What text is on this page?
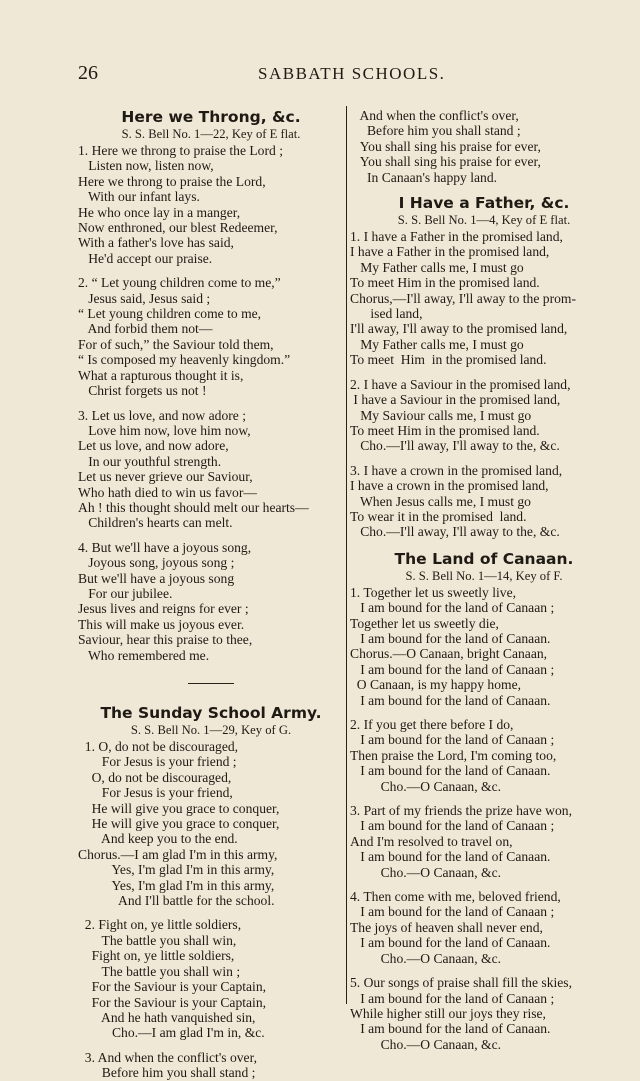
26	SABBATH SCHOOLS.

Here we Throng, &c.

S. S. Bell No. 1—22, Key of E flat.

1. Here we throng to praise the Lord ;
Listen now, listen now,
Here we throng to praise the Lord,
With our infant lays.
He who once lay in a manger,
Now enthroned, our blest Redeemer,
With a father's love has said,
He'd accept our praise.
2. “ Let young children come to me,”
Jesus said, Jesus said ;
“ Let young children come to me,
And forbid them not—
For of such,” the Saviour told them,
“ Is composed my heavenly kingdom.”
What a rapturous thought it is,
Christ forgets us not !
3. Let us love, and now adore ;
Love him now, love him now,
Let us love, and now adore,
In our youthful strength.
Let us never grieve our Saviour,
Who hath died to win us favor—
Ah ! this thought should melt our hearts—
Children's hearts can melt.
4. But we'll have a joyous song,
Joyous song, joyous song ;
But we'll have a joyous song
For our jubilee.
Jesus lives and reigns for ever ;
This will make us joyous ever.
Saviour, hear this praise to thee,
Who remembered me.

The Sunday School Army.

S. S. Bell No. 1—29, Key of G.

1. O, do not be discouraged,
For Jesus is your friend ;
O, do not be discouraged,
For Jesus is your friend,
He will give you grace to conquer,
He will give you grace to conquer,
And keep you to the end.
Chorus.—I am glad I'm in this army,
Yes, I'm glad I'm in this army,
Yes, I'm glad I'm in this army,
And I'll battle for the school.
2. Fight on, ye little soldiers,
The battle you shall win,
Fight on, ye little soldiers,
The battle you shall win ;
For the Saviour is your Captain,
For the Saviour is your Captain,
And he hath vanquished sin,
Cho.—I am glad I'm in, &c.
3. And when the conflict's over,
Before him you shall stand ;
And when the conflict's over,
Before him you shall stand ;
You shall sing his praise for ever,
You shall sing his praise for ever,
In Canaan's happy land.

I Have a Father, &c.

S. S. Bell No. 1—4, Key of E flat.

1. I have a Father in the promised land,
I have a Father in the promised land,
My Father calls me, I must go
To meet Him in the promised land.
Chorus,—I'll away, I'll away to the prom-
ised land,
I'll away, I'll away to the promised land,
My Father calls me, I must go
To meet  Him  in the promised land.
2. I have a Saviour in the promised land,
I have a Saviour in the promised land,
My Saviour calls me, I must go
To meet Him in the promised land.
Cho.—I'll away, I'll away to the, &c.
3. I have a crown in the promised land,
I have a crown in the promised land,
When Jesus calls me, I must go
To wear it in the promised  land.
Cho.—I'll away, I'll away to the, &c.

The Land of Canaan.

S. S. Bell No. 1—14, Key of F.

1. Together let us sweetly live,
I am bound for the land of Canaan ;
Together let us sweetly die,
I am bound for the land of Canaan.
Chorus.—O Canaan, bright Canaan,
I am bound for the land of Canaan ;
O Canaan, is my happy home,
I am bound for the land of Canaan.
2. If you get there before I do,
I am bound for the land of Canaan ;
Then praise the Lord, I'm coming too,
I am bound for the land of Canaan.
Cho.—O Canaan, &c.
3. Part of my friends the prize have won,
I am bound for the land of Canaan ;
And I'm resolved to travel on,
I am bound for the land of Canaan.
Cho.—O Canaan, &c.
4. Then come with me, beloved friend,
I am bound for the land of Canaan ;
The joys of heaven shall never end,
I am bound for the land of Canaan.
Cho.—O Canaan, &c.
5. Our songs of praise shall fill the skies,
I am bound for the land of Canaan ;
While higher still our joys they rise,
I am bound for the land of Canaan.
Cho.—O Canaan, &c.
